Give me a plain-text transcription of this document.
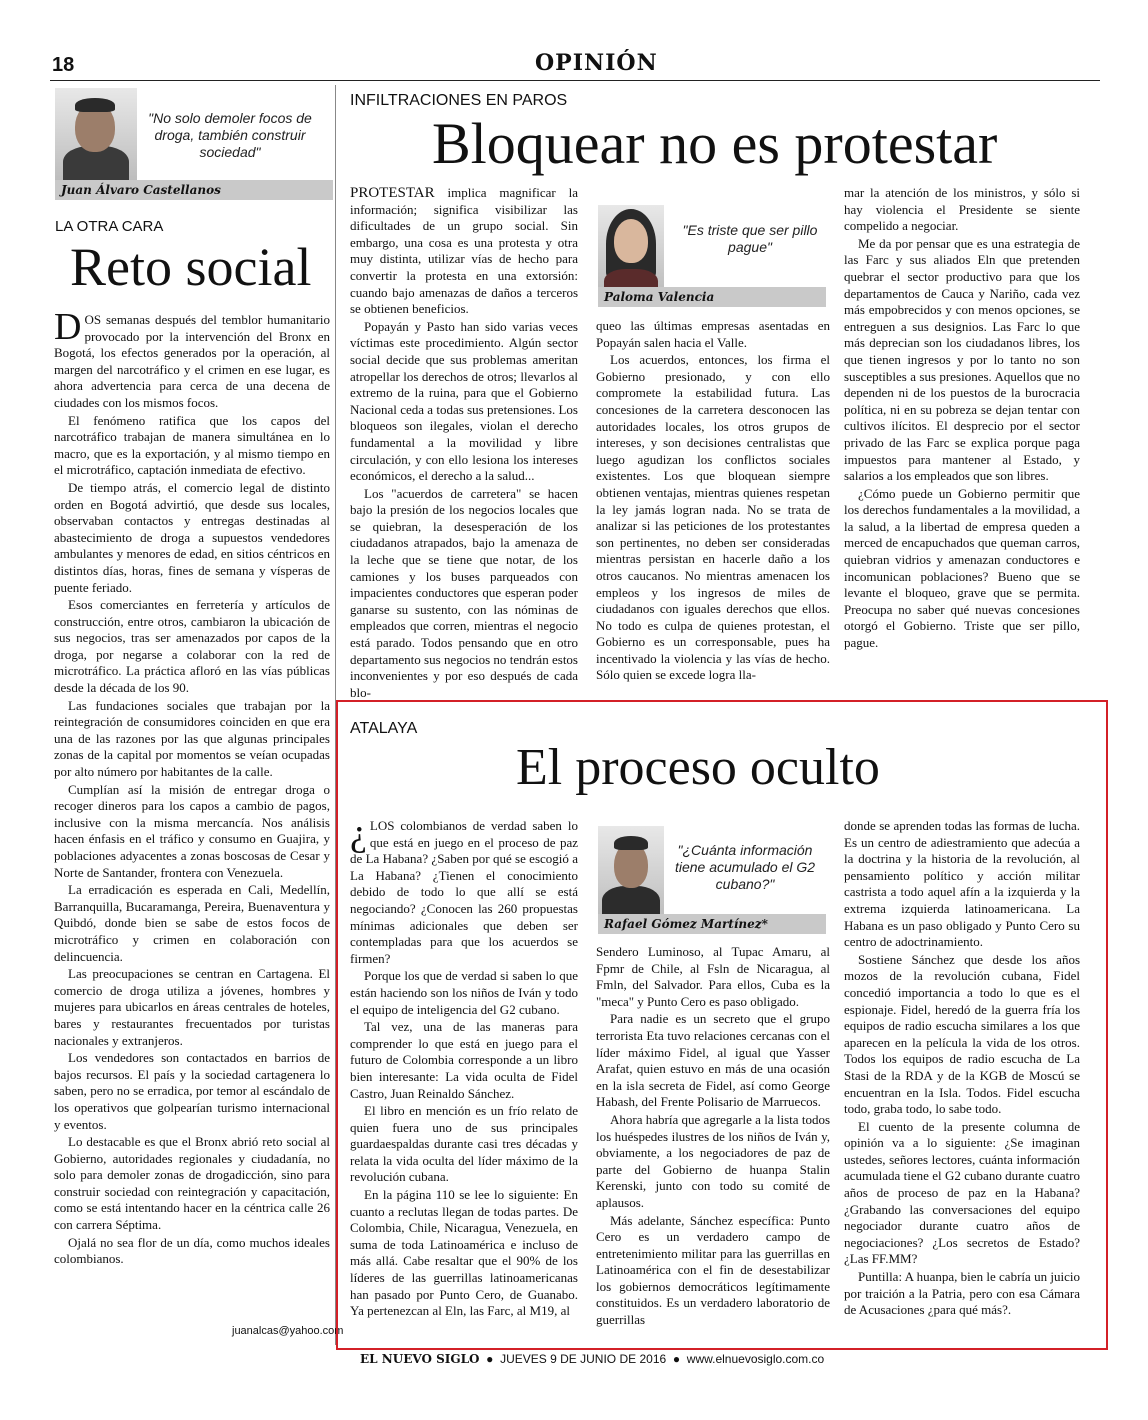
18	OPINIÓN
"No solo demoler focos de droga, también construir sociedad"
Juan Álvaro Castellanos
LA OTRA CARA
Reto social

DOS semanas después del temblor humanitario provocado por la intervención del Bronx en Bogotá, los efectos generados por la operación, al margen del narcotráfico y el crimen en ese lugar, es ahora advertencia para cerca de una decena de ciudades con los mismos focos.

El fenómeno ratifica que los capos del narcotráfico trabajan de manera simultánea en lo macro, que es la exportación, y al mismo tiempo en el microtráfico, captación inmediata de efectivo.

De tiempo atrás, el comercio legal de distinto orden en Bogotá advirtió, que desde sus locales, observaban contactos y entregas destinadas al abastecimiento de droga a supuestos vendedores ambulantes y menores de edad, en sitios céntricos en distintos días, horas, fines de semana y vísperas de puente feriado.

Esos comerciantes en ferretería y artículos de construcción, entre otros, cambiaron la ubicación de sus negocios, tras ser amenazados por capos de la droga, por negarse a colaborar con la red de microtráfico. La práctica afloró en las vías públicas desde la década de los 90.

Las fundaciones sociales que trabajan por la reintegración de consumidores coinciden en que era una de las razones por las que algunas principales zonas de la capital por momentos se veían ocupadas por alto número por habitantes de la calle.

Cumplían así la misión de entregar droga o recoger dineros para los capos a cambio de pagos, inclusive con la misma mercancía. Nos análisis hacen énfasis en el tráfico y consumo en Guajira, y poblaciones adyacentes a zonas boscosas de Cesar y Norte de Santander, frontera con Venezuela.

La erradicación es esperada en Cali, Medellín, Barranquilla, Bucaramanga, Pereira, Buenaventura y Quibdó, donde bien se sabe de estos focos de microtráfico y crimen en colaboración con delincuencia.

Las preocupaciones se centran en Cartagena. El comercio de droga utiliza a jóvenes, hombres y mujeres para ubicarlos en áreas centrales de hoteles, bares y restaurantes frecuentados por turistas nacionales y extranjeros.

Los vendedores son contactados en barrios de bajos recursos. El país y la sociedad cartagenera lo saben, pero no se erradica, por temor al escándalo de los operativos que golpearían turismo internacional y eventos.

Lo destacable es que el Bronx abrió reto social al Gobierno, autoridades regionales y ciudadanía, no solo para demoler zonas de drogadicción, sino para construir sociedad con reintegración y capacitación, como se está intentando hacer en la céntrica calle 26 con carrera Séptima.

Ojalá no sea flor de un día, como muchos ideales colombianos.

juanalcas@yahoo.com
INFILTRACIONES EN PAROS
Bloquear no es protestar

PROTESTAR implica magnificar la información; significa visibilizar las dificultades de un grupo social. Sin embargo, una cosa es una protesta y otra muy distinta, utilizar vías de hecho para convertir la protesta en una extorsión: cuando bajo amenazas de daños a terceros se obtienen beneficios.

Popayán y Pasto han sido varias veces víctimas este procedimiento. Algún sector social decide que sus problemas ameritan atropellar los derechos de otros; llevarlos al extremo de la ruina, para que el Gobierno Nacional ceda a todas sus pretensiones. Los bloqueos son ilegales, violan el derecho fundamental a la movilidad y libre circulación, y con ello lesiona los intereses económicos, el derecho a la salud...

Los "acuerdos de carretera" se hacen bajo la presión de los negocios locales que se quiebran, la desesperación de los ciudadanos atrapados, bajo la amenaza de la leche que se tiene que notar, de los camiones y los buses parqueados con impacientes conductores que esperan poder ganarse su sustento, con las nóminas de empleados que corren, mientras el negocio está parado. Todos pensando que en otro departamento sus negocios no tendrán estos inconvenientes y por eso después de cada blo-

"Es triste que ser pillo pague"
Paloma Valencia

queo las últimas empresas asentadas en Popayán salen hacia el Valle.

Los acuerdos, entonces, los firma el Gobierno presionado, y con ello compromete la estabilidad futura. Las concesiones de la carretera desconocen las autoridades locales, los otros grupos de intereses, y son decisiones centralistas que luego agudizan los conflictos sociales existentes. Los que bloquean siempre obtienen ventajas, mientras quienes respetan la ley jamás logran nada. No se trata de analizar si las peticiones de los protestantes son pertinentes, no deben ser consideradas mientras persistan en hacerle daño a los otros caucanos. No mientras amenacen los empleos y los ingresos de miles de ciudadanos con iguales derechos que ellos. No todo es culpa de quienes protestan, el Gobierno es un corresponsable, pues ha incentivado la violencia y las vías de hecho. Sólo quien se excede logra lla-

mar la atención de los ministros, y sólo si hay violencia el Presidente se siente compelido a negociar.

Me da por pensar que es una estrategia de las Farc y sus aliados Eln que pretenden quebrar el sector productivo para que los departamentos de Cauca y Nariño, cada vez más empobrecidos y con menos opciones, se entreguen a sus designios. Las Farc lo que más deprecian son los ciudadanos libres, los que tienen ingresos y por lo tanto no son susceptibles a sus presiones. Aquellos que no dependen ni de los puestos de la burocracia política, ni en su pobreza se dejan tentar con cultivos ilícitos. El desprecio por el sector privado de las Farc se explica porque paga impuestos para mantener al Estado, y salarios a los empleados que son libres.

¿Cómo puede un Gobierno permitir que los derechos fundamentales a la movilidad, a la salud, a la libertad de empresa queden a merced de encapuchados que queman carros, quiebran vidrios y amenazan conductores e incomunican poblaciones? Bueno que se levante el bloqueo, grave que se permita. Preocupa no saber qué nuevas concesiones otorgó el Gobierno. Triste que ser pillo, pague.

ATALAYA
El proceso oculto

¿ LOS colombianos de verdad saben lo que está en juego en el proceso de paz de La Habana? ¿Saben por qué se escogió a La Habana? ¿Tienen el conocimiento debido de todo lo que allí se está negociando? ¿Conocen las 260 propuestas mínimas adicionales que deben ser contempladas para que los acuerdos se firmen?

Porque los que de verdad si saben lo que están haciendo son los niños de Iván y todo el equipo de inteligencia del G2 cubano.

Tal vez, una de las maneras para comprender lo que está en juego para el futuro de Colombia corresponde a un libro bien interesante: La vida oculta de Fidel Castro, Juan Reinaldo Sánchez.

El libro en mención es un frío relato de quien fuera uno de sus principales guardaespaldas durante casi tres décadas y relata la vida oculta del líder máximo de la revolución cubana.

En la página 110 se lee lo siguiente: En cuanto a reclutas llegan de todas partes. De Colombia, Chile, Nicaragua, Venezuela, en suma de toda Latinoamérica e incluso de más allá. Cabe resaltar que el 90% de los líderes de las guerrillas latinoamericanas han pasado por Punto Cero, de Guanabo. Ya pertenezcan al Eln, las Farc, al M19, al

"¿Cuánta información tiene acumulado el G2 cubano?"
Rafael Gómez Martínez*

Sendero Luminoso, al Tupac Amaru, al Fpmr de Chile, al Fsln de Nicaragua, al Fmln, del Salvador. Para ellos, Cuba es la "meca" y Punto Cero es paso obligado.

Para nadie es un secreto que el grupo terrorista Eta tuvo relaciones cercanas con el líder máximo Fidel, al igual que Yasser Arafat, quien estuvo en más de una ocasión en la isla secreta de Fidel, así como George Habash, del Frente Polisario de Marruecos.

Ahora habría que agregarle a la lista todos los huéspedes ilustres de los niños de Iván y, obviamente, a los negociadores de paz de parte del Gobierno de huanpa Stalin Kerenski, junto con todo su comité de aplausos.

Más adelante, Sánchez específica: Punto Cero es un verdadero campo de entretenimiento militar para las guerrillas en Latinoamérica con el fin de desestabilizar los gobiernos democráticos legítimamente constituidos. Es un verdadero laboratorio de guerrillas

donde se aprenden todas las formas de lucha. Es un centro de adiestramiento que adecúa a la doctrina y la historia de la revolución, al pensamiento político y acción militar castrista a todo aquel afín a la izquierda y la extrema izquierda latinoamericana. La Habana es un paso obligado y Punto Cero su centro de adoctrinamiento.

Sostiene Sánchez que desde los años mozos de la revolución cubana, Fidel concedió importancia a todo lo que es el espionaje. Fidel, heredó de la guerra fría los equipos de radio escucha similares a los que aparecen en la película la vida de los otros. Todos los equipos de radio escucha de La Stasi de la RDA y de la KGB de Moscú se encuentran en la Isla. Todos. Fidel escucha todo, graba todo, lo sabe todo.

El cuento de la presente columna de opinión va a lo siguiente: ¿Se imaginan ustedes, señores lectores, cuánta información acumulada tiene el G2 cubano durante cuatro años de proceso de paz en la Habana? ¿Grabando las conversaciones del equipo negociador durante cuatro años de negociaciones? ¿Los secretos de Estado? ¿Las FF.MM?

Puntilla: A huanpa, bien le cabría un juicio por traición a la Patria, pero con esa Cámara de Acusaciones ¿para qué más?.

EL NUEVO SIGLO  ●  JUEVES 9 DE JUNIO DE 2016  ●  www.elnuevosiglo.com.co
